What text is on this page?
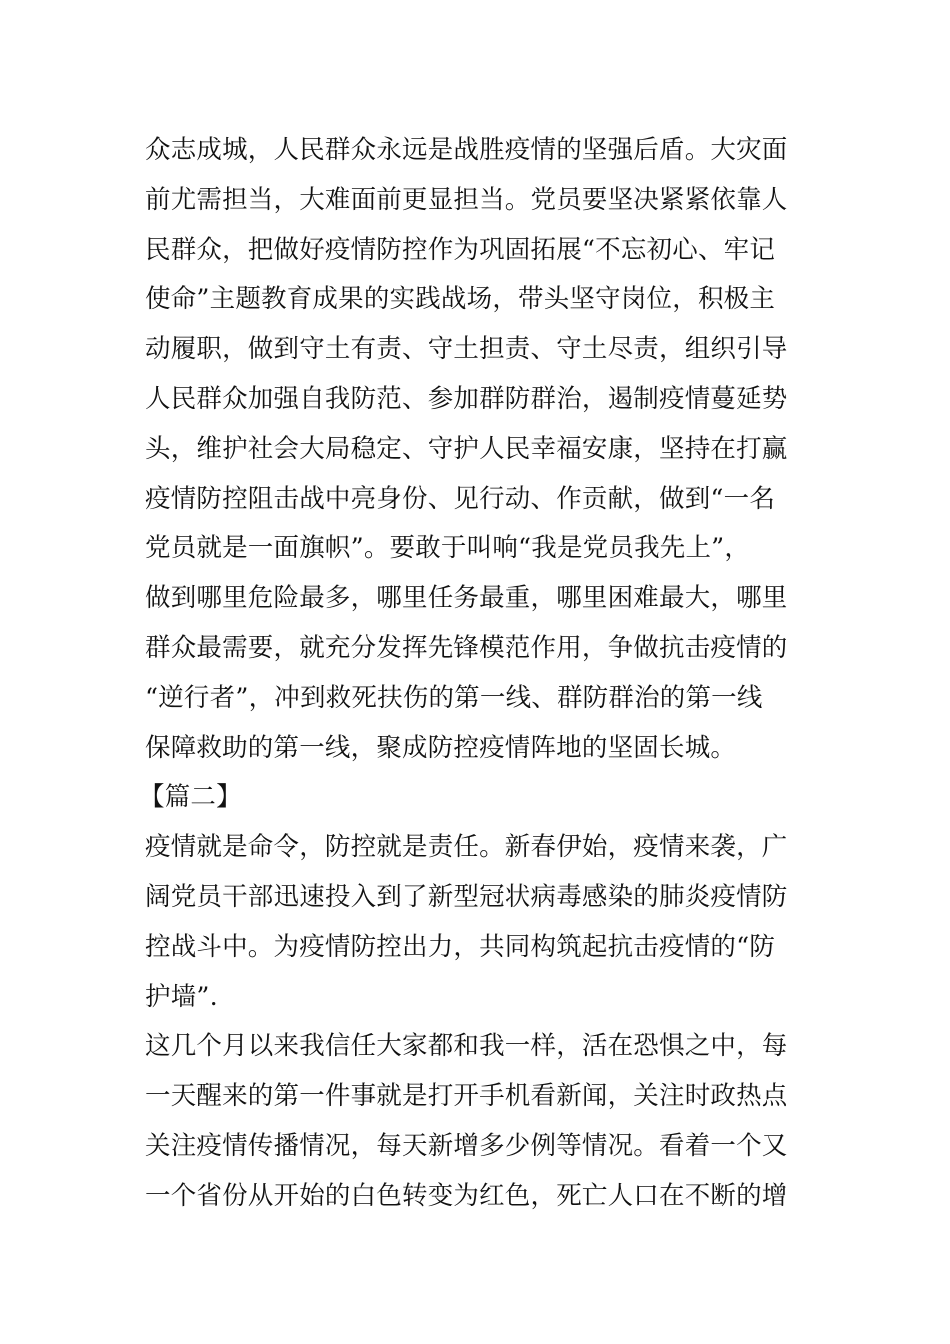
众志成城，人民群众永远是战胜疫情的坚强后盾。大灾面
前尤需担当，大难面前更显担当。党员要坚决紧紧依靠人
民群众，把做好疫情防控作为巩固拓展“不忘初心、牢记
使命”主题教育成果的实践战场，带头坚守岗位，积极主
动履职，做到守土有责、守土担责、守土尽责，组织引导
人民群众加强自我防范、参加群防群治，遏制疫情蔓延势
头，维护社会大局稳定、守护人民幸福安康，坚持在打赢
疫情防控阻击战中亮身份、见行动、作贡献，做到“一名
党员就是一面旗帜”。要敢于叫响“我是党员我先上”，
做到哪里危险最多，哪里任务最重，哪里困难最大，哪里
群众最需要，就充分发挥先锋模范作用，争做抗击疫情的
“逆行者”，冲到救死扶伤的第一线、群防群治的第一线
保障救助的第一线，聚成防控疫情阵地的坚固长城。
【篇二】
疫情就是命令，防控就是责任。新春伊始，疫情来袭，广
阔党员干部迅速投入到了新型冠状病毒感染的肺炎疫情防
控战斗中。为疫情防控出力，共同构筑起抗击疫情的“防
护墙”.
这几个月以来我信任大家都和我一样，活在恐惧之中，每
一天醒来的第一件事就是打开手机看新闻，关注时政热点
关注疫情传播情况，每天新增多少例等情况。看着一个又
一个省份从开始的白色转变为红色，死亡人口在不断的增
